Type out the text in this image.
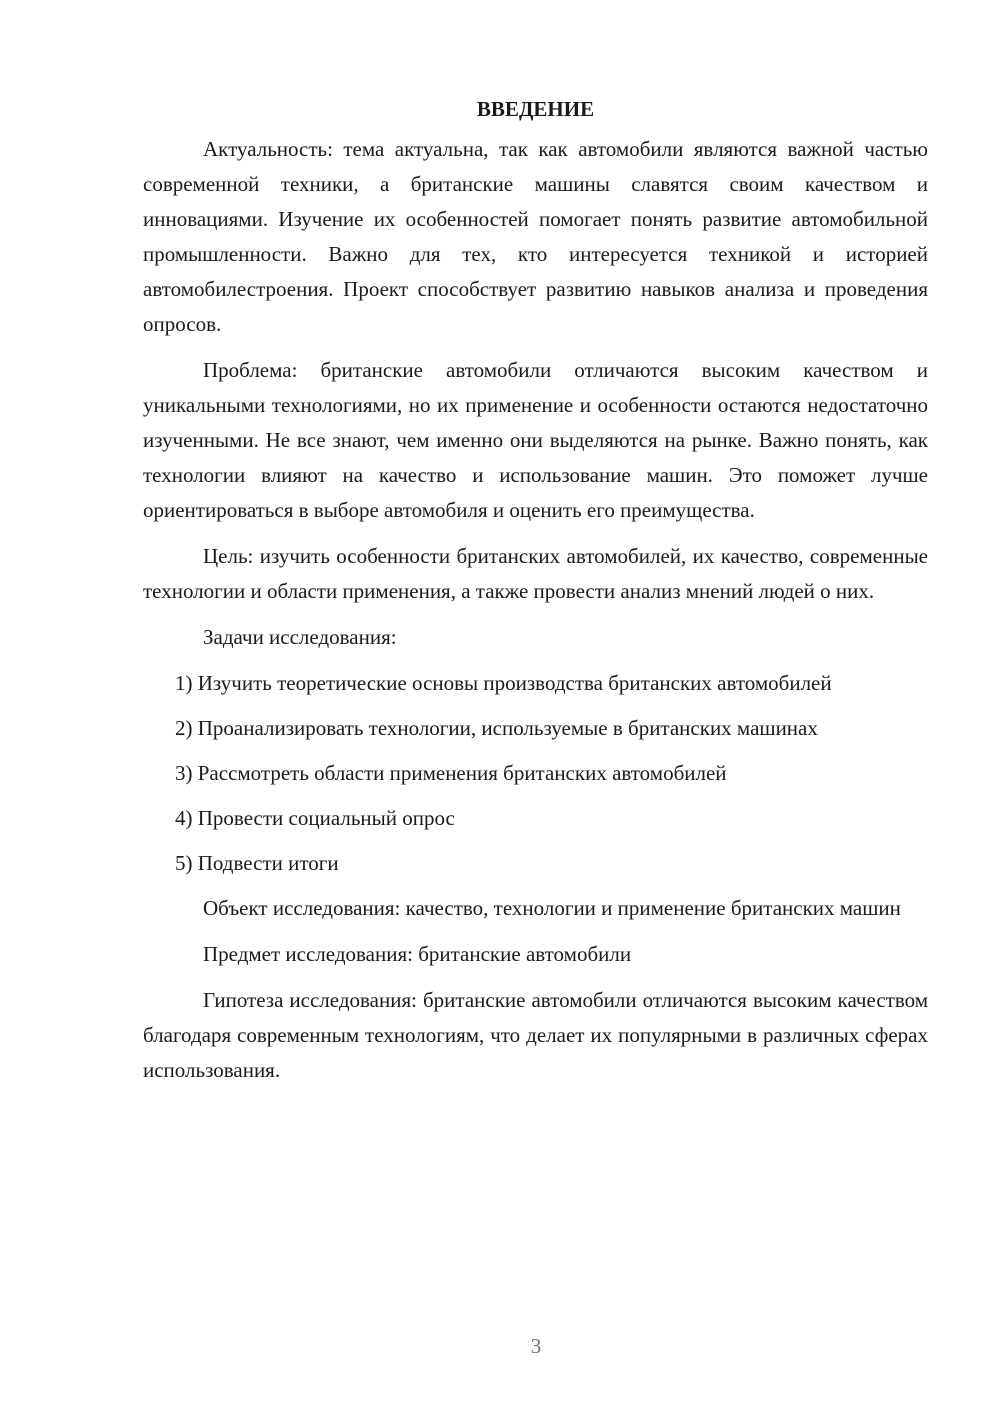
ВВЕДЕНИЕ

Актуальность: тема актуальна, так как автомобили являются важной частью современной техники, а британские машины славятся своим качеством и инновациями. Изучение их особенностей помогает понять развитие автомобильной промышленности. Важно для тех, кто интересуется техникой и историей автомобилестроения. Проект способствует развитию навыков анализа и проведения опросов.

Проблема: британские автомобили отличаются высоким качеством и уникальными технологиями, но их применение и особенности остаются недостаточно изученными. Не все знают, чем именно они выделяются на рынке. Важно понять, как технологии влияют на качество и использование машин. Это поможет лучше ориентироваться в выборе автомобиля и оценить его преимущества.

Цель: изучить особенности британских автомобилей, их качество, современные технологии и области применения, а также провести анализ мнений людей о них.

Задачи исследования:

1) Изучить теоретические основы производства британских автомобилей

2) Проанализировать технологии, используемые в британских машинах

3) Рассмотреть области применения британских автомобилей

4) Провести социальный опрос

5) Подвести итоги

Объект исследования: качество, технологии и применение британских машин

Предмет исследования: британские автомобили

Гипотеза исследования: британские автомобили отличаются высоким качеством благодаря современным технологиям, что делает их популярными в различных сферах использования.

3
